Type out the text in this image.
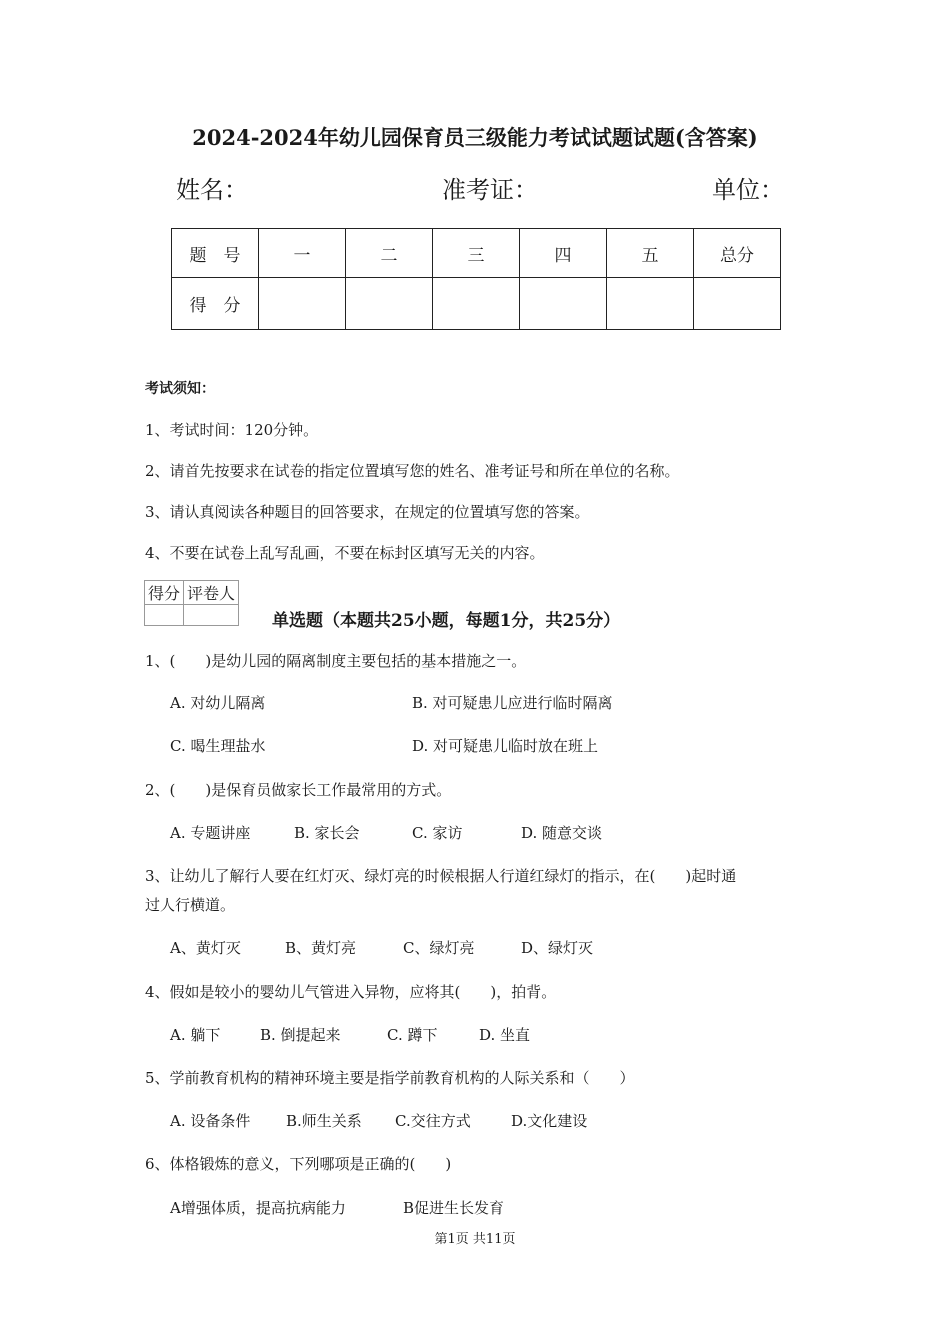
2024-2024年幼儿园保育员三级能力考试试题试题(含答案)
姓名：	准考证：	单位：
题　号	一	二	三	四	五	总分
得　分						
考试须知：
1、考试时间：120分钟。
2、请首先按要求在试卷的指定位置填写您的姓名、准考证号和所在单位的名称。
3、请认真阅读各种题目的回答要求，在规定的位置填写您的答案。
4、不要在试卷上乱写乱画，不要在标封区填写无关的内容。
得分	评卷人

单选题（本题共25小题，每题1分，共25分）
1、(　　)是幼儿园的隔离制度主要包括的基本措施之一。
A. 对幼儿隔离	B. 对可疑患儿应进行临时隔离
C. 喝生理盐水	D. 对可疑患儿临时放在班上
2、(　　)是保育员做家长工作最常用的方式。
A. 专题讲座	B. 家长会	C. 家访	D. 随意交谈
3、让幼儿了解行人要在红灯灭、绿灯亮的时候根据人行道红绿灯的指示，在(　　)起时通
过人行横道。
A、黄灯灭	B、黄灯亮	C、绿灯亮	D、绿灯灭
4、假如是较小的婴幼儿气管进入异物，应将其(　　)，拍背。
A. 躺下	B. 倒提起来	C. 蹲下	D. 坐直
5、学前教育机构的精神环境主要是指学前教育机构的人际关系和（　　）
A. 设备条件 B.师生关系 C.交往方式	D.文化建设
6、体格锻炼的意义，下列哪项是正确的(　　)
A增强体质，提高抗病能力	B促进生长发育
第1页 共11页
